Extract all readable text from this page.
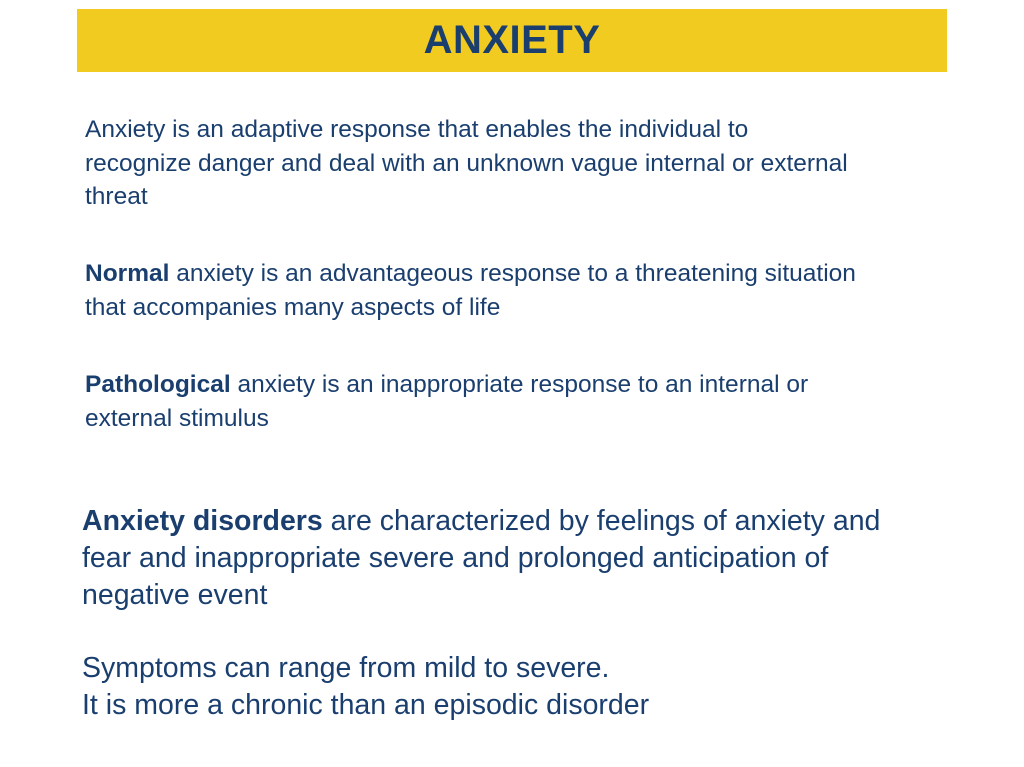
ANXIETY

Anxiety is an adaptive response that enables the individual to
recognize danger and deal with an unknown vague internal or external
threat

Normal anxiety is an advantageous response to a threatening situation
that accompanies many aspects of life

Pathological anxiety is an inappropriate response to an internal or
external stimulus

Anxiety disorders are characterized by feelings of anxiety and
fear and inappropriate severe and prolonged anticipation of
negative event

Symptoms can range from mild to severe.
It is more a chronic than an episodic disorder
